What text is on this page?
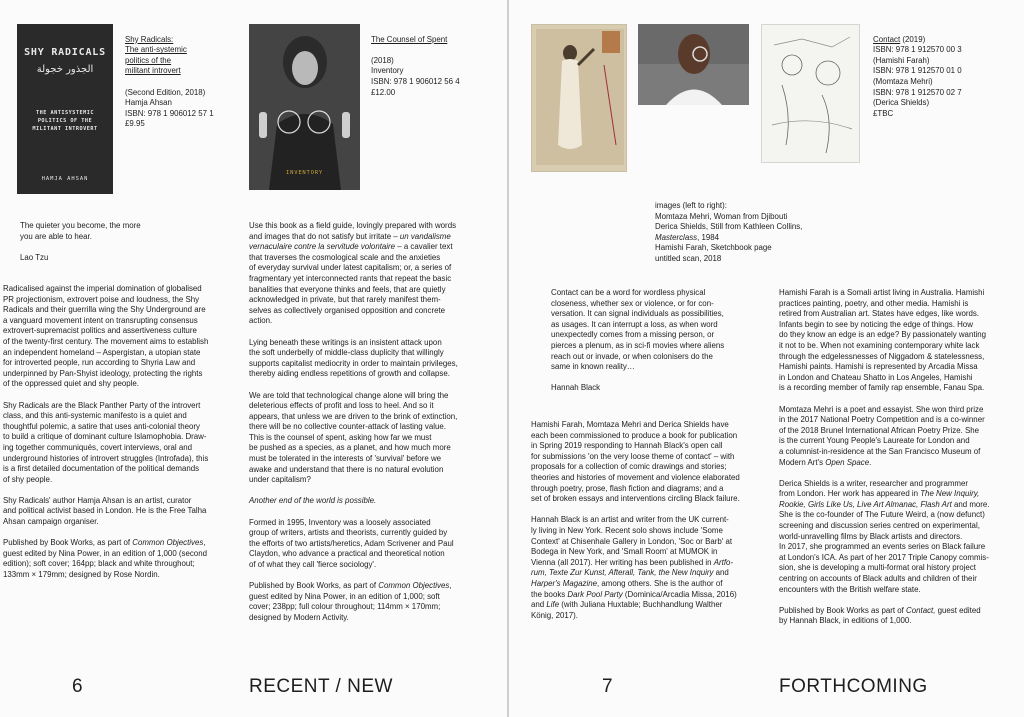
SHY RADICALS
الجذور خجولة
THE ANTISYSTEMIC
POLITICS OF THE
MILITANT INTROVERT
HAMJA AHSAN

Shy Radicals:
The anti-systemic
politics of the
militant introvert

(Second Edition, 2018)
Hamja Ahsan
ISBN: 978 1 906012 57 1
£9.95

INVENTORY

The Counsel of Spent

(2018)
Inventory
ISBN: 978 1 906012 56 4
£12.00

The quieter you become, the more
you are able to hear.

Lao Tzu

Radicalised against the imperial domination of globalised
PR projectionism, extrovert poise and loudness, the Shy
Radicals and their guerrilla wing the Shy Underground are
a vanguard movement intent on transrupting consensus
extrovert-supremacist politics and assertiveness culture
of the twenty-first century. The movement aims to establish
an independent homeland – Aspergistan, a utopian state
for introverted people, run according to Shyria Law and
underpinned by Pan-Shyist ideology, protecting the rights
of the oppressed quiet and shy people.

Shy Radicals are the Black Panther Party of the introvert
class, and this anti-systemic manifesto is a quiet and
thoughtful polemic, a satire that uses anti-colonial theory
to build a critique of dominant culture Islamophobia. Draw-
ing together communiqués, covert interviews, oral and
underground histories of introvert struggles (Introfada), this
is a first detailed documentation of the political demands
of shy people.

Shy Radicals' author Hamja Ahsan is an artist, curator
and political activist based in London. He is the Free Talha
Ahsan campaign organiser.

Published by Book Works, as part of Common Objectives,
guest edited by Nina Power, in an edition of 1,000 (second
edition); soft cover; 164pp; black and white throughout;
133mm × 179mm; designed by Rose Nordin.

Use this book as a field guide, lovingly prepared with words
and images that do not satisfy but irritate – un vandalisme
vernaculaire contre la servitude volontaire – a cavalier text
that traverses the cosmological scale and the anxieties
of everyday survival under latest capitalism; or, a series of
fragmentary yet interconnected rants that repeat the basic
banalities that everyone thinks and feels, that are quietly
acknowledged in private, but that rarely manifest them-
selves as collectively organised opposition and concrete
action.

Lying beneath these writings is an insistent attack upon
the soft underbelly of middle-class duplicity that willingly
supports capitalist mediocrity in order to maintain privileges,
thereby aiding endless repetitions of growth and collapse.

We are told that technological change alone will bring the
deleterious effects of profit and loss to heel. And so it
appears, that unless we are driven to the brink of extinction,
there will be no collective counter-attack of lasting value.
This is the counsel of spent, asking how far we must
be pushed as a species, as a planet, and how much more
must be tolerated in the interests of 'survival' before we
awake and understand that there is no natural evolution
under capitalism?

Another end of the world is possible.

Formed in 1995, Inventory was a loosely associated
group of writers, artists and theorists, currently guided by
the efforts of two artists/heretics, Adam Scrivener and Paul
Claydon, who advance a practical and theoretical notion
of of what they call 'fierce sociology'.

Published by Book Works, as part of Common Objectives,
guest edited by Nina Power, in an edition of 1,000; soft
cover; 238pp; full colour throughout; 114mm × 170mm;
designed by Modern Activity.

6	RECENT / NEW

Contact (2019)
ISBN: 978 1 912570 00 3
(Hamishi Farah)
ISBN: 978 1 912570 01 0
(Momtaza Mehri)
ISBN: 978 1 912570 02 7
(Derica Shields)
£TBC

images (left to right):
Momtaza Mehri, Woman from Djibouti
Derica Shields, Still from Kathleen Collins,
Masterclass, 1984
Hamishi Farah, Sketchbook page
untitled scan, 2018

Contact can be a word for wordless physical
closeness, whether sex or violence, or for con-
versation. It can signal individuals as possibilities,
as usages. It can interrupt a loss, as when word
unexpectedly comes from a missing person, or
pierces a plenum, as in sci-fi movies where aliens
reach out or invade, or when colonisers do the
same in known reality…

Hannah Black

Hamishi Farah, Momtaza Mehri and Derica Shields have
each been commissioned to produce a book for publication
in Spring 2019 responding to Hannah Black's open call
for submissions 'on the very loose theme of contact' – with
proposals for a collection of comic drawings and stories;
theories and histories of movement and violence elaborated
through poetry, prose, flash fiction and diagrams; and a
set of broken essays and interventions circling Black failure.

Hannah Black is an artist and writer from the UK current-
ly living in New York. Recent solo shows include 'Some
Context' at Chisenhale Gallery in London, 'Soc or Barb' at
Bodega in New York, and 'Small Room' at MUMOK in
Vienna (all 2017). Her writing has been published in Artfo-
rum, Texte Zur Kunst, Afterall, Tank, the New Inquiry and
Harper's Magazine, among others. She is the author of
the books Dark Pool Party (Dominica/Arcadia Missa, 2016)
and Life (with Juliana Huxtable; Buchhandlung Walther
König, 2017).

Hamishi Farah is a Somali artist living in Australia. Hamishi
practices painting, poetry, and other media. Hamishi is
retired from Australian art. States have edges, like words.
Infants begin to see by noticing the edge of things. How
do they know an edge is an edge? By passionately wanting
it not to be. When not examining contemporary white lack
through the edgelessnesses of Niggadom & statelessness,
Hamishi paints. Hamishi is represented by Arcadia Missa
in London and Chateau Shatto in Los Angeles, Hamishi
is a recording member of family rap ensemble, Fanau Spa.

Momtaza Mehri is a poet and essayist. She won third prize
in the 2017 National Poetry Competition and is a co-winner
of the 2018 Brunel International African Poetry Prize. She
is the current Young People's Laureate for London and
a columnist-in-residence at the San Francisco Museum of
Modern Art's Open Space.

Derica Shields is a writer, researcher and programmer
from London. Her work has appeared in The New Inquiry,
Rookie, Girls Like Us, Live Art Almanac, Flash Art and more.
She is the co-founder of The Future Weird, a (now defunct)
screening and discussion series centred on experimental,
world-unravelling films by Black artists and directors.
In 2017, she programmed an events series on Black failure
at London's ICA. As part of her 2017 Triple Canopy commis-
sion, she is developing a multi-format oral history project
centring on accounts of Black adults and children of their
encounters with the British welfare state.

Published by Book Works as part of Contact, guest edited
by Hannah Black, in editions of 1,000.

7	FORTHCOMING
